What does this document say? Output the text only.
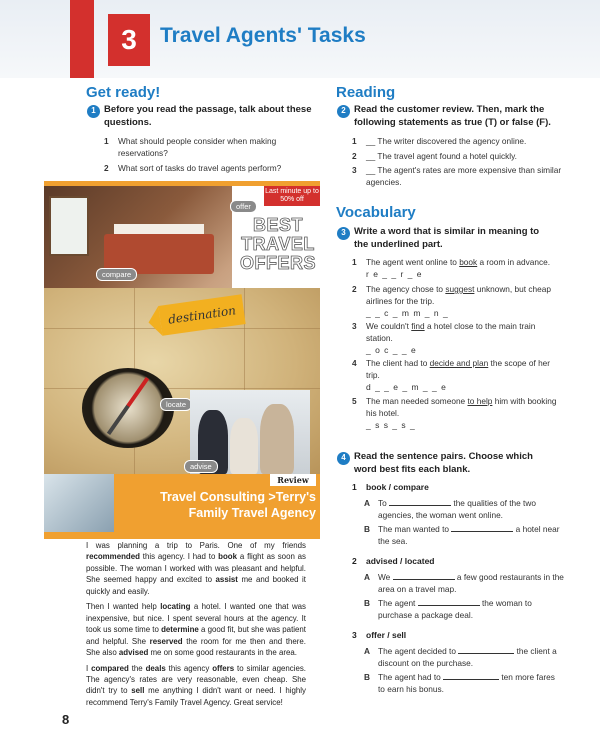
3	Travel Agents' Tasks
Get ready!
1 Before you read the passage, talk about these questions.
1 What should people consider when making reservations?
2 What sort of tasks do travel agents perform?
Last minute up to 50% off
offer
BEST TRAVEL OFFERS
compare
destination
locate
advise
Review
Travel Consulting >Terry's Family Travel Agency

I was planning a trip to Paris. One of my friends recommended this agency. I had to book a flight as soon as possible. The woman I worked with was pleasant and helpful. She seemed happy and excited to assist me and booked it quickly and easily.

Then I wanted help locating a hotel. I wanted one that was inexpensive, but nice. I spent several hours at the agency. It took us some time to determine a good fit, but she was patient and helpful. She reserved the room for me then and there. She also advised me on some good restaurants in the area.

I compared the deals this agency offers to similar agencies. The agency's rates are very reasonable, even cheap. She didn't try to sell me anything I didn't want or need. I highly recommend Terry's Family Travel Agency. Great service!

8
Reading
2 Read the customer review. Then, mark the following statements as true (T) or false (F).
1 __ The writer discovered the agency online.
2 __ The travel agent found a hotel quickly.
3 __ The agent's rates are more expensive than similar agencies.
Vocabulary
3 Write a word that is similar in meaning to the underlined part.
1 The agent went online to book a room in advance.
r e _ _ r _ e
2 The agency chose to suggest unknown, but cheap airlines for the trip.
_ _ c _ m m _ n _
3 We couldn't find a hotel close to the main train station.
_ o c _ _ e
4 The client had to decide and plan the scope of her trip.
d _ _ e _ m _ _ e
5 The man needed someone to help him with booking his hotel.
_ s s _ s _
4 Read the sentence pairs. Choose which word best fits each blank.
1 book / compare
A To	the qualities of the two agencies, the woman went online.
B The man wanted to	a hotel near the sea.
2 advised / located
A We	a few good restaurants in the area on a travel map.
B The agent	the woman to purchase a package deal.
3 offer / sell
A The agent decided to	the client a discount on the purchase.
B The agent had to	ten more fares to earn his bonus.
